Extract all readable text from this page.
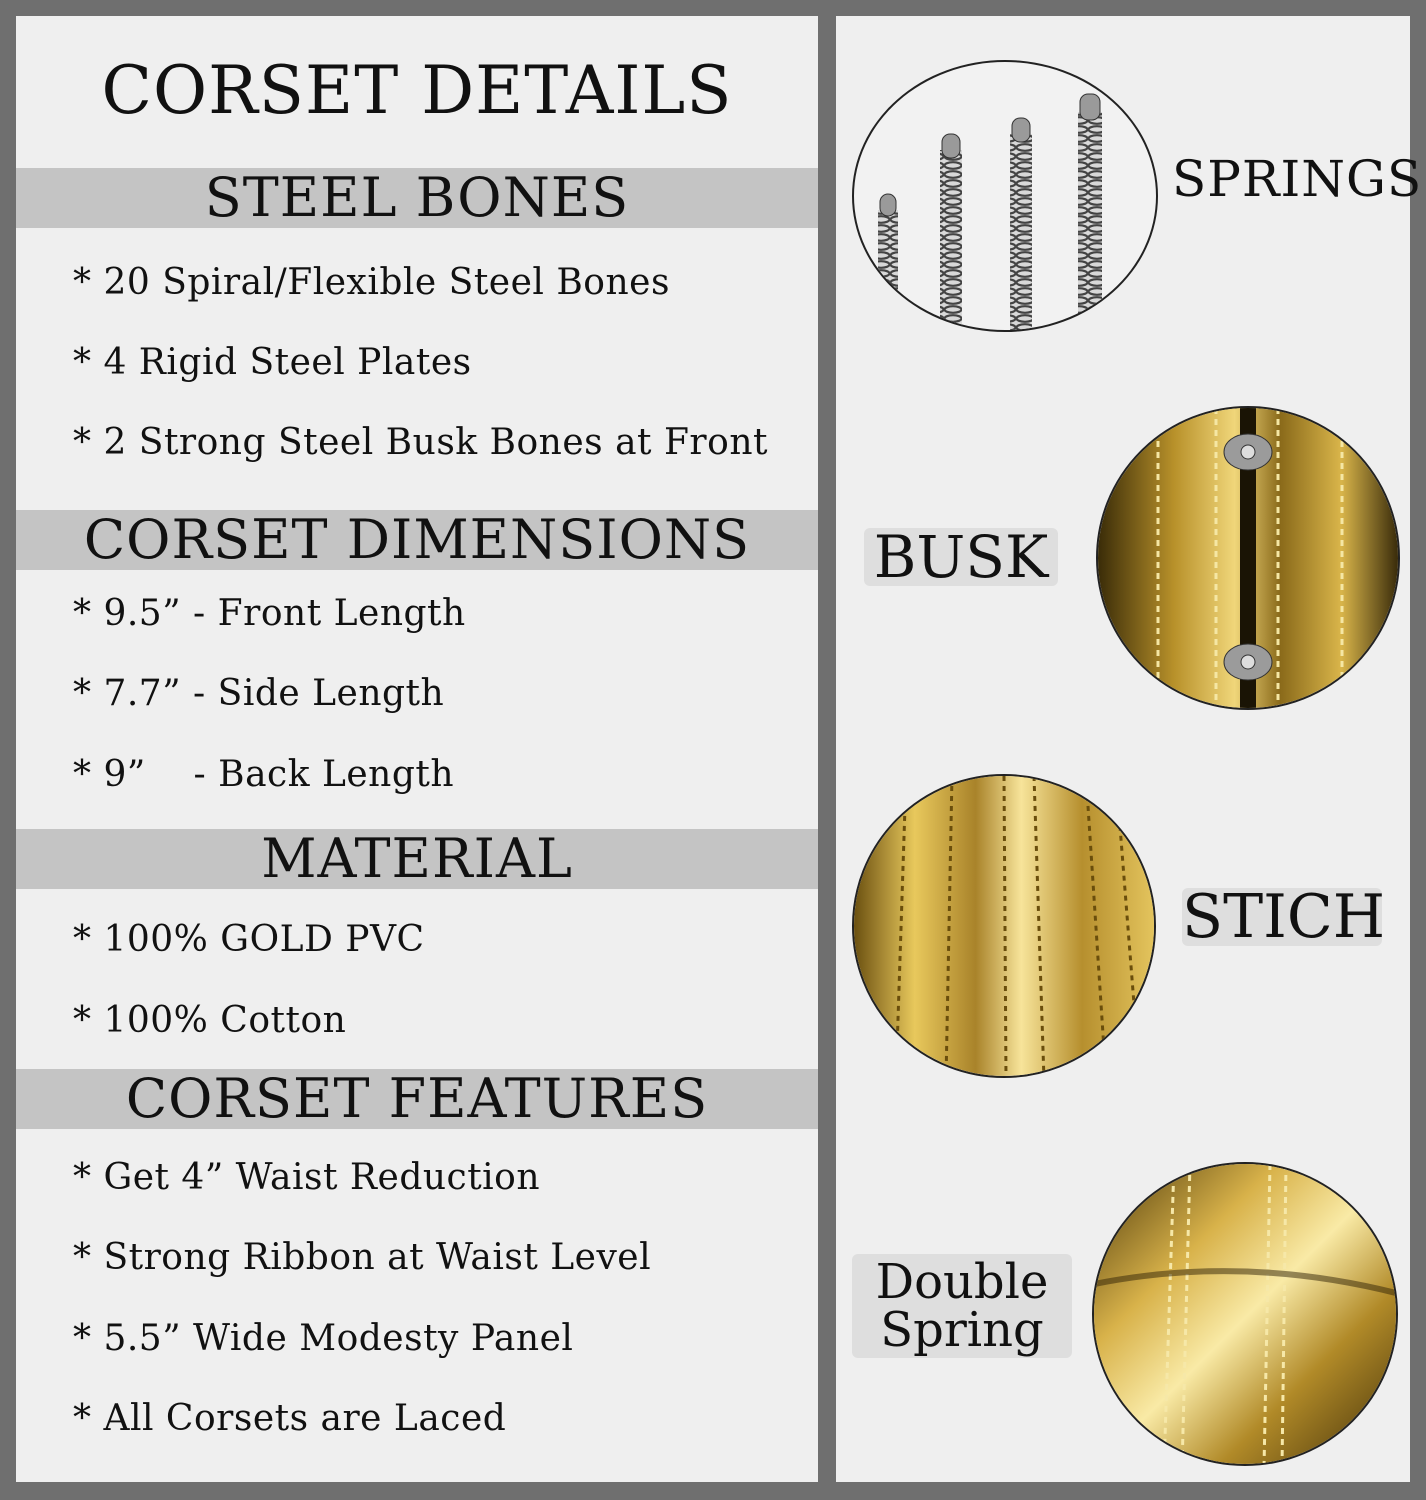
CORSET DETAILS
STEEL BONES
* 20 Spiral/Flexible Steel Bones
* 4 Rigid Steel Plates
* 2 Strong Steel Busk Bones at Front
CORSET DIMENSIONS
* 9.5” - Front Length
* 7.7” - Side Length
* 9”    - Back Length
MATERIAL
* 100% GOLD PVC
* 100% Cotton
CORSET FEATURES
* Get 4” Waist Reduction
* Strong Ribbon at Waist Level
* 5.5” Wide Modesty Panel
* All Corsets are Laced
SPRINGS
BUSK
STICH
Double
Spring
